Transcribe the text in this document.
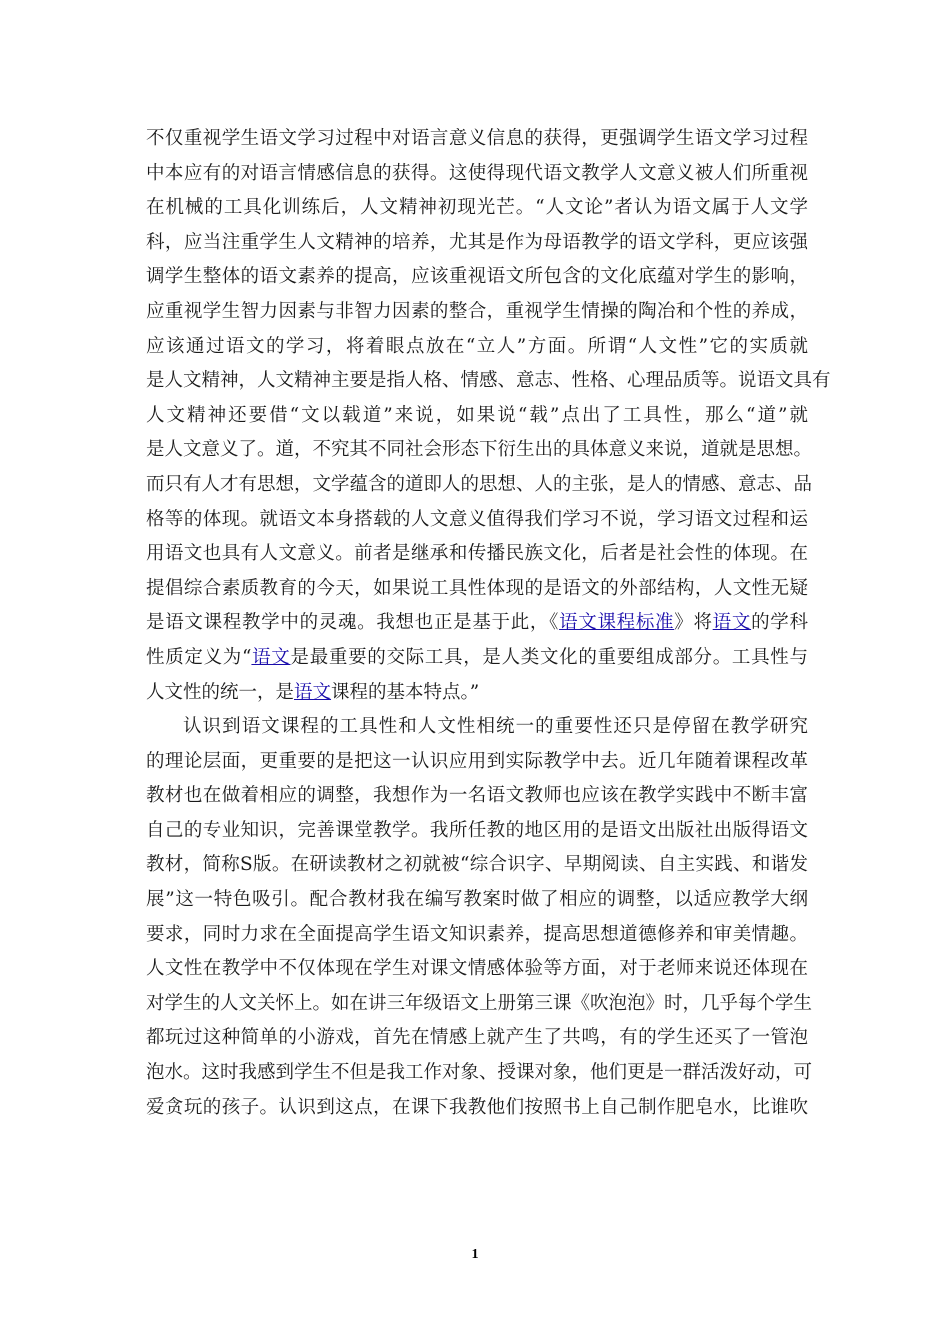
不仅重视学生语文学习过程中对语言意义信息的获得，更强调学生语文学习过程
中本应有的对语言情感信息的获得。这使得现代语文教学人文意义被人们所重视
在机械的工具化训练后，人文精神初现光芒。“人文论”者认为语文属于人文学
科，应当注重学生人文精神的培养，尤其是作为母语教学的语文学科，更应该强
调学生整体的语文素养的提高，应该重视语文所包含的文化底蕴对学生的影响，
应重视学生智力因素与非智力因素的整合，重视学生情操的陶冶和个性的养成，
应该通过语文的学习，将着眼点放在“立人”方面。所谓“人文性”它的实质就
是人文精神，人文精神主要是指人格、情感、意志、性格、心理品质等。说语文具有
人文精神还要借“文以载道”来说，如果说“载”点出了工具性，那么“道”就
是人文意义了。道，不究其不同社会形态下衍生出的具体意义来说，道就是思想。
而只有人才有思想，文学蕴含的道即人的思想、人的主张，是人的情感、意志、品
格等的体现。就语文本身搭载的人文意义值得我们学习不说，学习语文过程和运
用语文也具有人文意义。前者是继承和传播民族文化，后者是社会性的体现。在
提倡综合素质教育的今天，如果说工具性体现的是语文的外部结构，人文性无疑
是语文课程教学中的灵魂。我想也正是基于此，《语文课程标准》将语文的学科
性质定义为“语文是最重要的交际工具，是人类文化的重要组成部分。工具性与
人文性的统一，是语文课程的基本特点。”
认识到语文课程的工具性和人文性相统一的重要性还只是停留在教学研究
的理论层面，更重要的是把这一认识应用到实际教学中去。近几年随着课程改革
教材也在做着相应的调整，我想作为一名语文教师也应该在教学实践中不断丰富
自己的专业知识，完善课堂教学。我所任教的地区用的是语文出版社出版得语文
教材，简称S版。在研读教材之初就被“综合识字、早期阅读、自主实践、和谐发
展”这一特色吸引。配合教材我在编写教案时做了相应的调整，以适应教学大纲
要求，同时力求在全面提高学生语文知识素养，提高思想道德修养和审美情趣。
人文性在教学中不仅体现在学生对课文情感体验等方面，对于老师来说还体现在
对学生的人文关怀上。如在讲三年级语文上册第三课《吹泡泡》时，几乎每个学生
都玩过这种简单的小游戏，首先在情感上就产生了共鸣，有的学生还买了一管泡
泡水。这时我感到学生不但是我工作对象、授课对象，他们更是一群活泼好动，可
爱贪玩的孩子。认识到这点，在课下我教他们按照书上自己制作肥皂水，比谁吹
1
